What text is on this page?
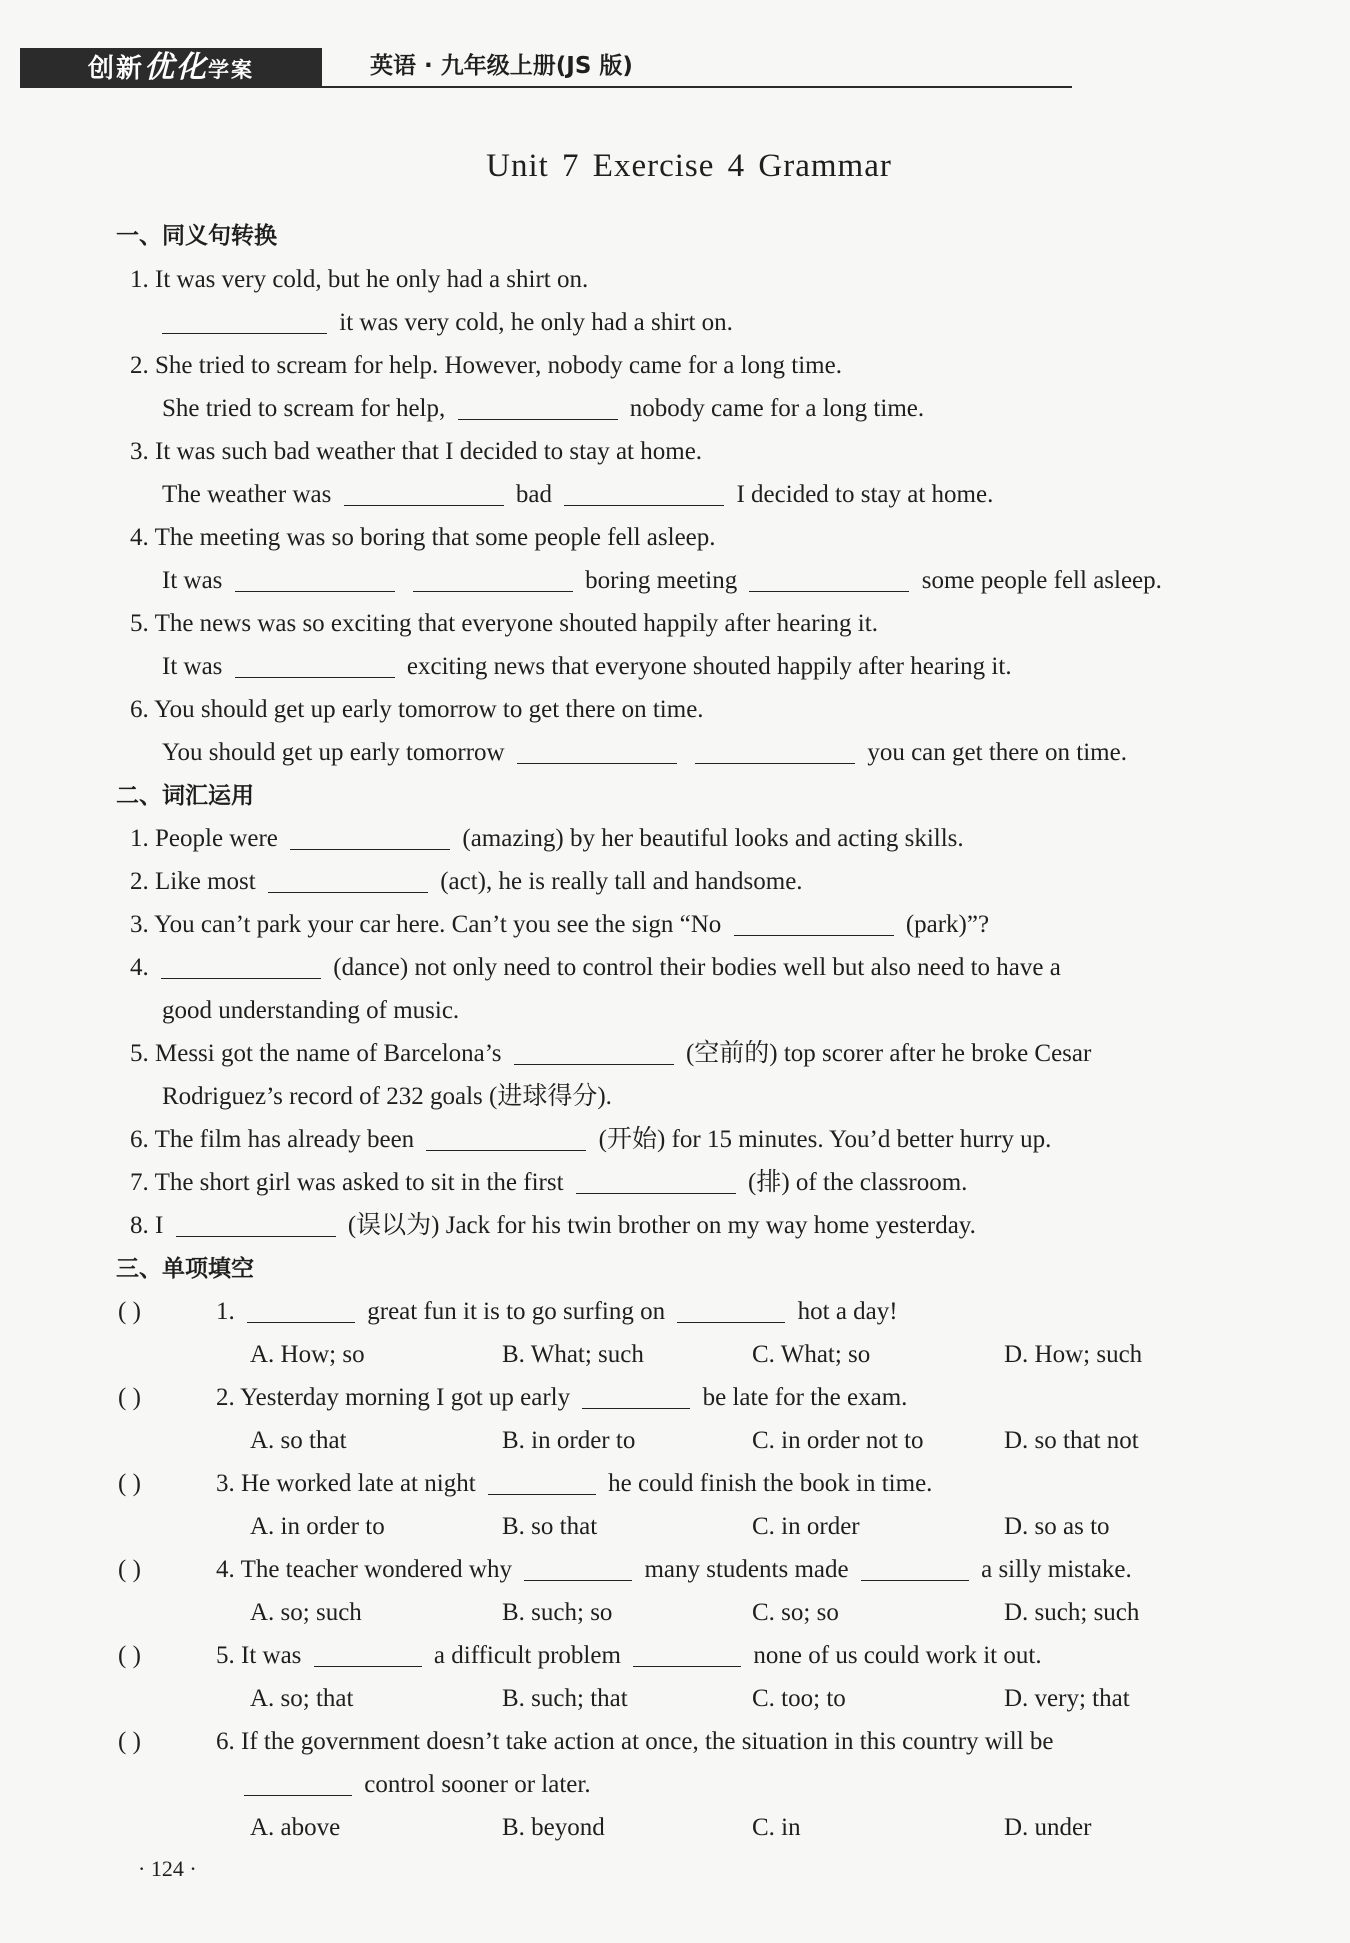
创新优化学案	英语 · 九年级上册(JS 版)
Unit 7 Exercise 4 Grammar
一、同义句转换
1. It was very cold, but he only had a shirt on.
it was very cold, he only had a shirt on.
2. She tried to scream for help. However, nobody came for a long time.
She tried to scream for help,	nobody came for a long time.
3. It was such bad weather that I decided to stay at home.
The weather was	bad	I decided to stay at home.
4. The meeting was so boring that some people fell asleep.
It was	boring meeting	some people fell asleep.
5. The news was so exciting that everyone shouted happily after hearing it.
It was	exciting news that everyone shouted happily after hearing it.
6. You should get up early tomorrow to get there on time.
You should get up early tomorrow	you can get there on time.
二、词汇运用
1. People were	(amazing) by her beautiful looks and acting skills.
2. Like most	(act), he is really tall and handsome.
3. You can’t park your car here. Can’t you see the sign “No	(park)”?
4.	(dance) not only need to control their bodies well but also need to have a
good understanding of music.
5. Messi got the name of Barcelona’s	(空前的) top scorer after he broke Cesar
Rodriguez’s record of 232 goals (进球得分).
6. The film has already been	(开始) for 15 minutes. You’d better hurry up.
7. The short girl was asked to sit in the first	(排) of the classroom.
8. I	(误以为) Jack for his twin brother on my way home yesterday.
三、单项填空
( )	1.	great fun it is to go surfing on	hot a day!
A. How; so	B. What; such	C. What; so	D. How; such
( )	2. Yesterday morning I got up early	be late for the exam.
A. so that	B. in order to	C. in order not to	D. so that not
( )	3. He worked late at night	he could finish the book in time.
A. in order to	B. so that	C. in order	D. so as to
( )	4. The teacher wondered why	many students made	a silly mistake.
A. so; such	B. such; so	C. so; so	D. such; such
( )	5. It was	a difficult problem	none of us could work it out.
A. so; that	B. such; that	C. too; to	D. very; that
( )	6. If the government doesn’t take action at once, the situation in this country will be
control sooner or later.
A. above	B. beyond	C. in	D. under
· 124 ·
